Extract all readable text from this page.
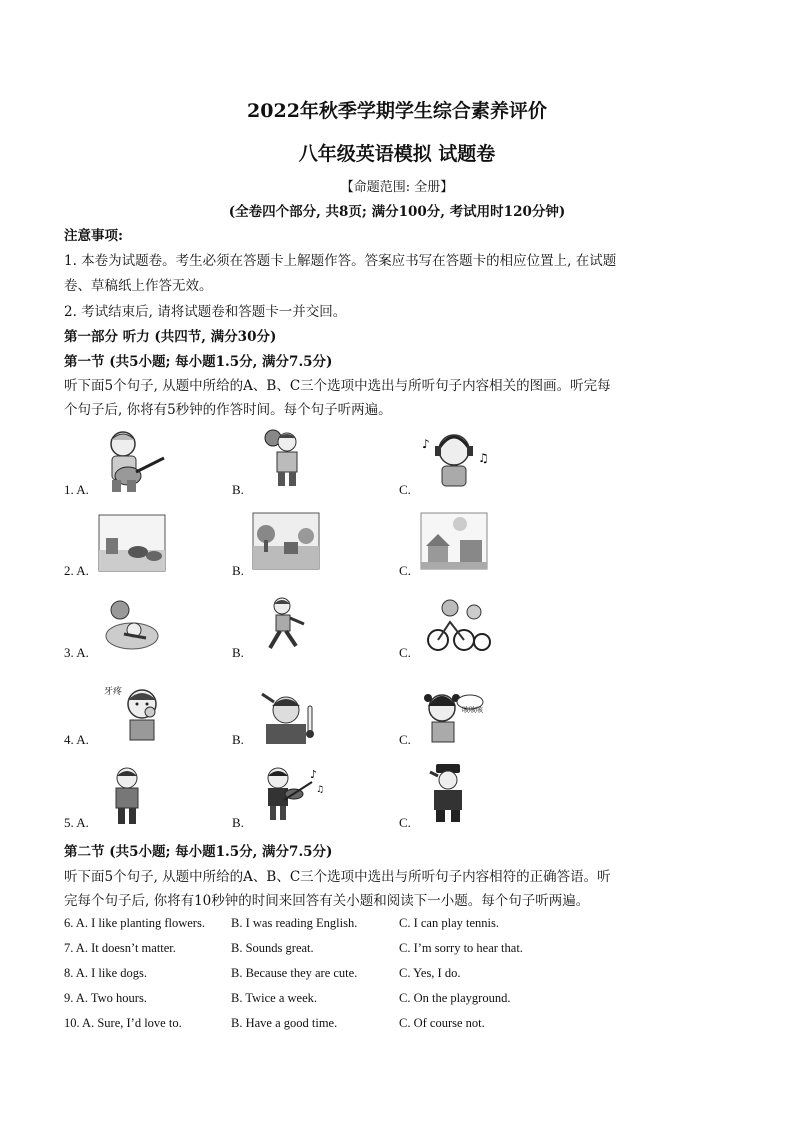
2022年秋季学期学生综合素养评价
八年级英语模拟 试题卷
【命题范围: 全册】
(全卷四个部分, 共8页; 满分100分, 考试用时120分钟)
注意事项:
1. 本卷为试题卷。考生必须在答题卡上解题作答。答案应书写在答题卡的相应位置上, 在试题
卷、草稿纸上作答无效。
2. 考试结束后, 请将试题卷和答题卡一并交回。
第一部分 听力 (共四节, 满分30分)
第一节 (共5小题; 每小题1.5分, 满分7.5分)
听下面5个句子, 从题中所给的A、B、C三个选项中选出与所听句子内容相关的图画。听完每
个句子后, 你将有5秒钟的作答时间。每个句子听两遍。
1. A.	B.	C.
♪
♫
2. A.	B.	C.
3. A.	B.	C.
4. A.	B.	C.
牙疼
咳咳咳
5. A.	B.	C.
♪
♫
第二节 (共5小题; 每小题1.5分, 满分7.5分)
听下面5个句子, 从题中所给的A、B、C三个选项中选出与所听句子内容相符的正确答语。听
完每个句子后, 你将有10秒钟的时间来回答有关小题和阅读下一小题。每个句子听两遍。
6. A. I like planting flowers. B. I was reading English.	C. I can play tennis.
7. A. It doesn’t matter.	B. Sounds great.	C. I’m sorry to hear that.
8. A. I like dogs.	B. Because they are cute.	C. Yes, I do.
9. A. Two hours.	B. Twice a week.	C. On the playground.
10. A. Sure, I’d love to.	B. Have a good time.	C. Of course not.
